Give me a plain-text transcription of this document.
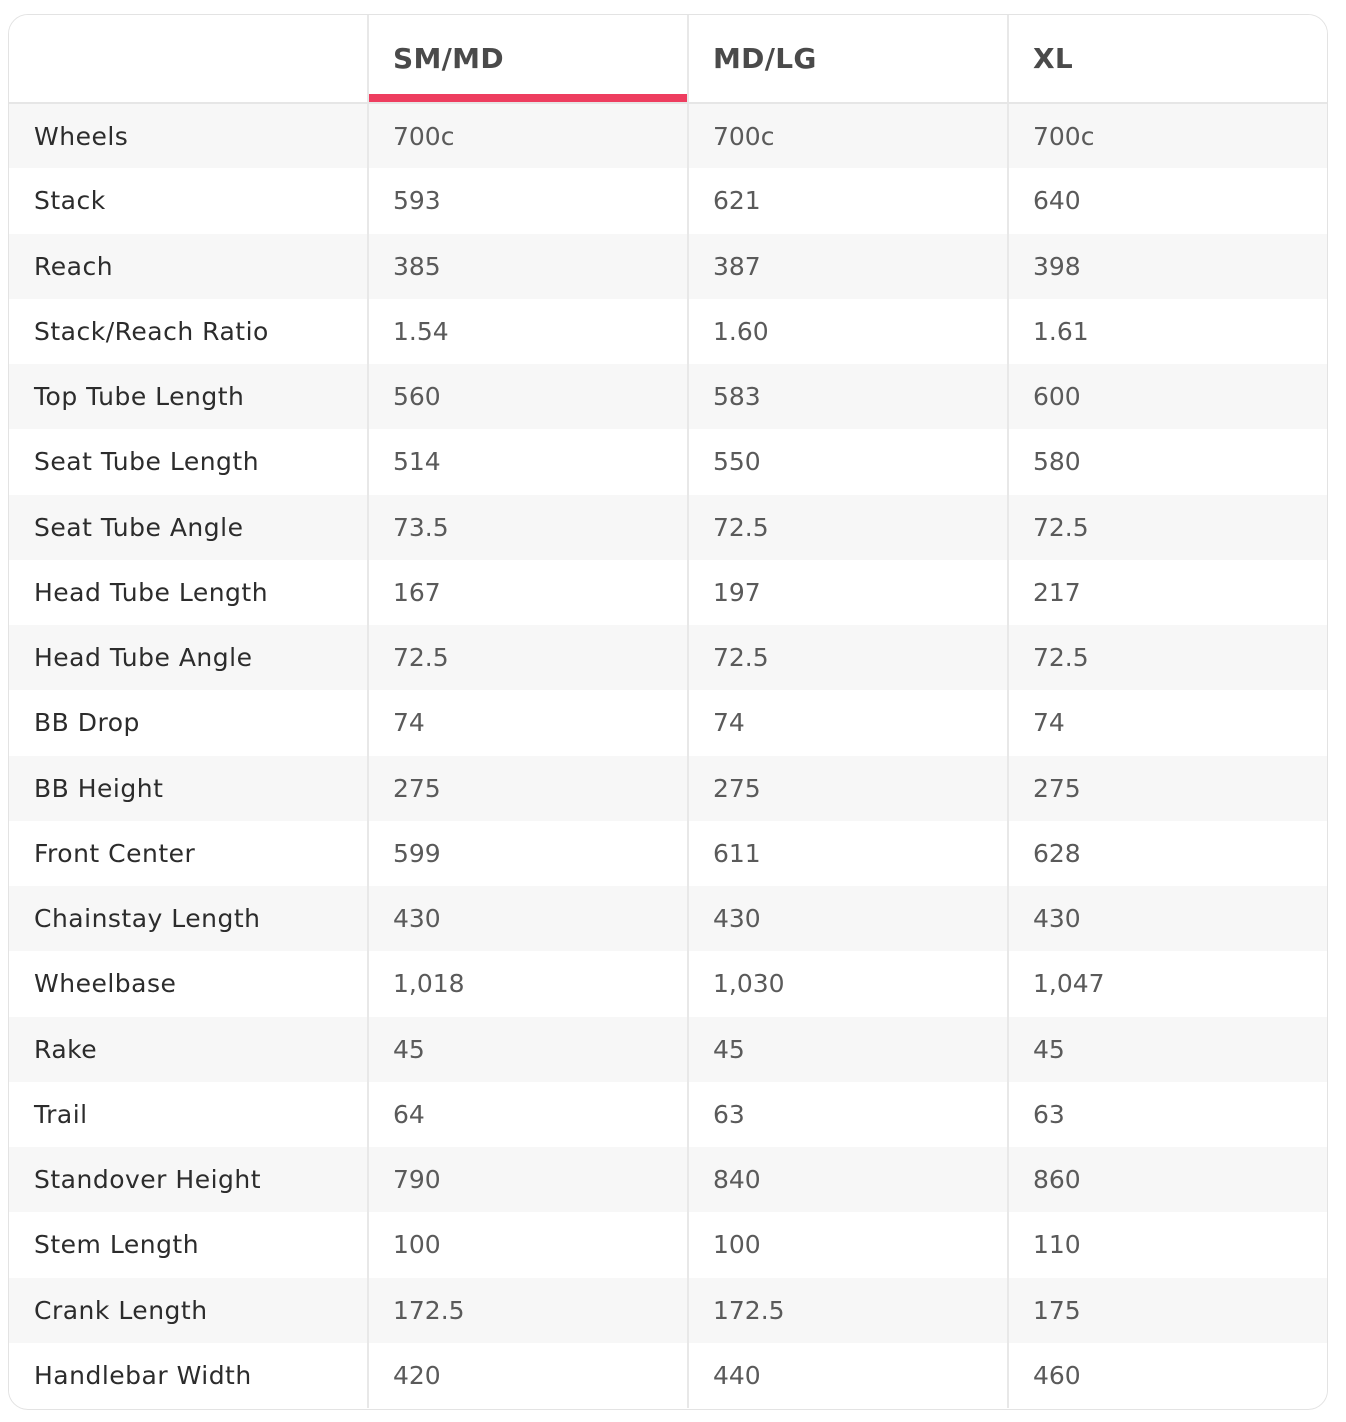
	SM/MD	MD/LG	XL
Wheels	700c	700c	700c
Stack	593	621	640
Reach	385	387	398
Stack/Reach Ratio	1.54	1.60	1.61
Top Tube Length	560	583	600
Seat Tube Length	514	550	580
Seat Tube Angle	73.5	72.5	72.5
Head Tube Length	167	197	217
Head Tube Angle	72.5	72.5	72.5
BB Drop	74	74	74
BB Height	275	275	275
Front Center	599	611	628
Chainstay Length	430	430	430
Wheelbase	1,018	1,030	1,047
Rake	45	45	45
Trail	64	63	63
Standover Height	790	840	860
Stem Length	100	100	110
Crank Length	172.5	172.5	175
Handlebar Width	420	440	460
